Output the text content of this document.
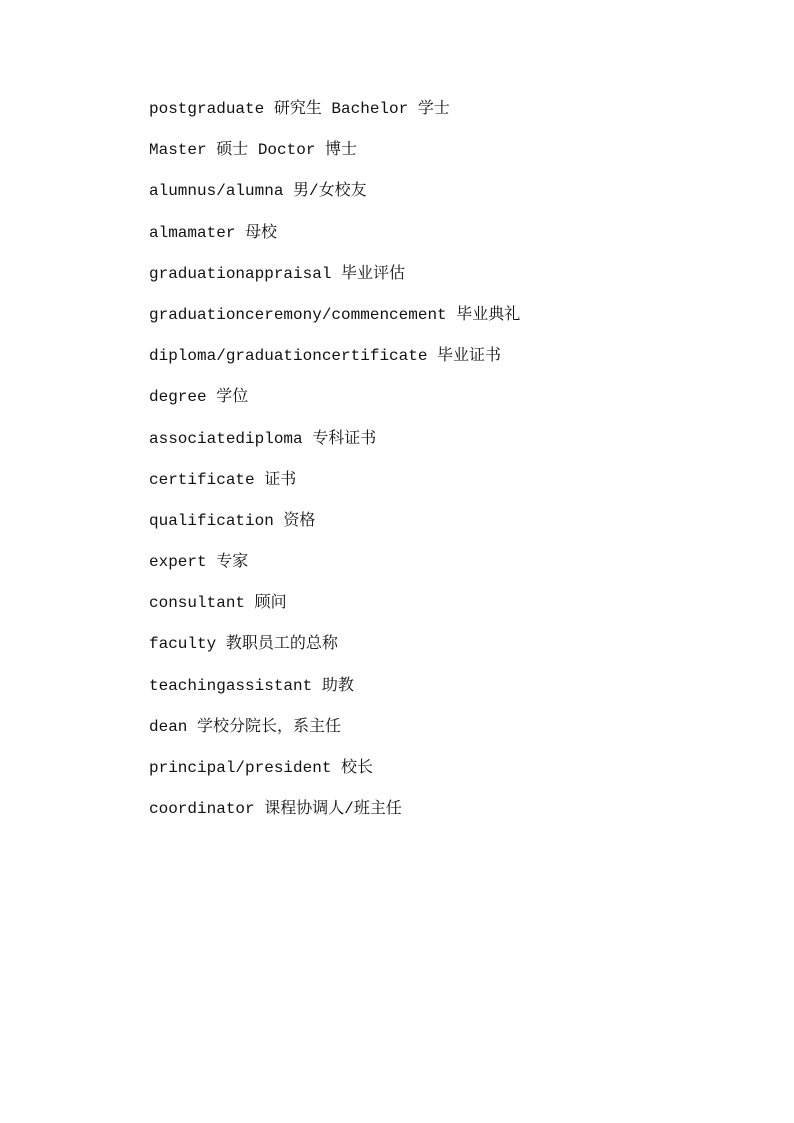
postgraduate 研究生 Bachelor 学士
Master 硕士 Doctor 博士
alumnus/alumna 男/女校友
almamater 母校
graduationappraisal 毕业评估
graduationceremony/commencement 毕业典礼
diploma/graduationcertificate 毕业证书
degree 学位
associatediploma 专科证书
certificate 证书
qualification 资格
expert 专家
consultant 顾问
faculty 教职员工的总称
teachingassistant 助教
dean 学校分院长，系主任
principal/president 校长
coordinator 课程协调人/班主任
